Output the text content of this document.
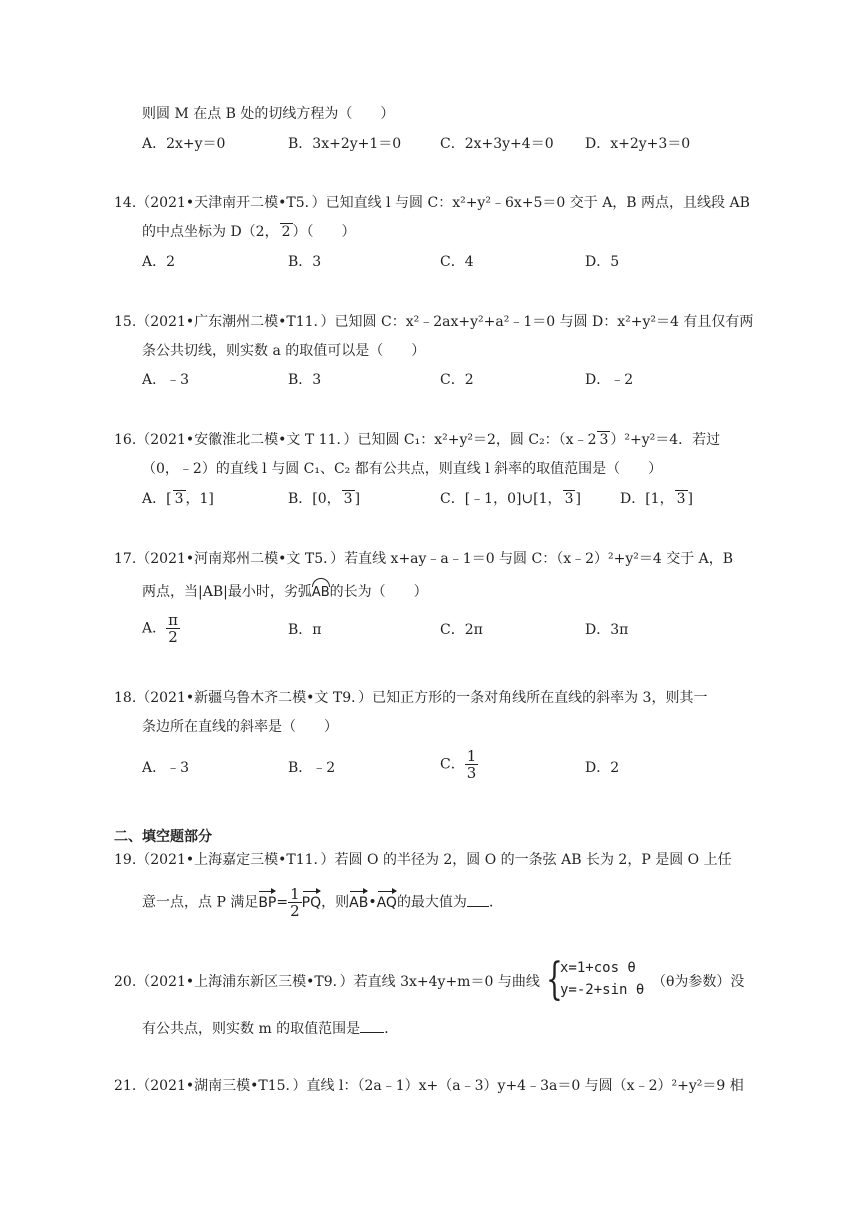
则圆 M 在点 B 处的切线方程为（　　）
A．2x+y＝0	B．3x+2y+1＝0	C．2x+3y+4＝0 D．x+2y+3＝0
14.（2021•天津南开二模•T5．）已知直线 l 与圆 C：x²+y²﹣6x+5＝0 交于 A，B 两点，且线段 AB
的中点坐标为 D（2， 2 ）（　　）
A．2	B．3	C．4	D．5
15.（2021•广东潮州二模•T11．）已知圆 C：x²﹣2ax+y²+a²﹣1＝0 与圆 D：x²+y²＝4 有且仅有两
条公共切线，则实数 a 的取值可以是（　　）
A．﹣3	B．3	C．2	D．﹣2
16.（2021•安徽淮北二模•文 T 11．）已知圆 C₁：x²+y²＝2，圆 C₂：（x﹣2 3 ）²+y²＝4．若过
（0，﹣2）的直线 l 与圆 C₁、C₂ 都有公共点，则直线 l 斜率的取值范围是（　　）
A．[ 3 ，1]	B．[0， 3 ]	C．[﹣1，0]∪[1， 3 ]	D．[1， 3 ]
17.（2021•河南郑州二模•文 T5．）若直线 x+ay﹣a﹣1＝0 与圆 C：（x﹣2）²+y²＝4 交于 A，B
两点，当|AB|最小时，劣弧AB的长为（　　）
A． $\frac{\pi}{2}$	B．π	C．2π	D．3π
18.（2021•新疆乌鲁木齐二模•文 T9．）已知正方形的一条对角线所在直线的斜率为 3，则其一
条边所在直线的斜率是（　　）
A．﹣3	B．﹣2	C． $\frac{1}{3}$	D．2
二、填空题部分
19.（2021•上海嘉定三模•T11．）若圆 O 的半径为 2，圆 O 的一条弦 AB 长为 2，P 是圆 O 上任
意一点，点 P 满足$BP= \frac{1}{2}$ PQ，则AB•AQ的最大值为 ．
20.（2021•上海浦东新区三模•T9．）若直线 3x+4y+m＝0 与曲线 {
x=1+cos θ
y=-2+sin θ （θ为参数）没
有公共点，则实数 m 的取值范围是 ．
21.（2021•湖南三模•T15．）直线 l：（2a﹣1）x+（a﹣3）y+4﹣3a＝0 与圆（x﹣2）²+y²＝9 相
